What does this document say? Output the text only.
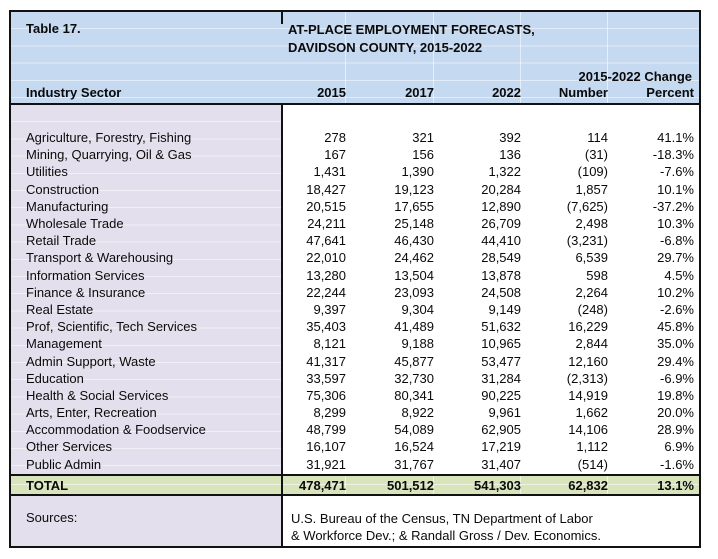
Table 17.	AT-PLACE EMPLOYMENT FORECASTS,
DAVIDSON COUNTY, 2015-2022
2015-2022 Change
Industry Sector	2015	2017	2022	Number	Percent
Agriculture, Forestry, Fishing	278	321	392	114	41.1%
Mining, Quarrying, Oil & Gas	167	156	136	(31)	-18.3%
Utilities	1,431	1,390	1,322	(109)	-7.6%
Construction	18,427	19,123	20,284	1,857	10.1%
Manufacturing	20,515	17,655	12,890	(7,625)	-37.2%
Wholesale Trade	24,211	25,148	26,709	2,498	10.3%
Retail Trade	47,641	46,430	44,410	(3,231)	-6.8%
Transport & Warehousing	22,010	24,462	28,549	6,539	29.7%
Information Services	13,280	13,504	13,878	598	4.5%
Finance & Insurance	22,244	23,093	24,508	2,264	10.2%
Real Estate	9,397	9,304	9,149	(248)	-2.6%
Prof, Scientific, Tech Services	35,403	41,489	51,632	16,229	45.8%
Management	8,121	9,188	10,965	2,844	35.0%
Admin Support, Waste	41,317	45,877	53,477	12,160	29.4%
Education	33,597	32,730	31,284	(2,313)	-6.9%
Health & Social Services	75,306	80,341	90,225	14,919	19.8%
Arts, Enter, Recreation	8,299	8,922	9,961	1,662	20.0%
Accommodation & Foodservice	48,799	54,089	62,905	14,106	28.9%
Other Services	16,107	16,524	17,219	1,112	6.9%
Public Admin	31,921	31,767	31,407	(514)	-1.6%
TOTAL	478,471	501,512	541,303	62,832	13.1%
Sources:	U.S. Bureau of the Census, TN Department of Labor
& Workforce Dev.; & Randall Gross / Dev. Economics.
